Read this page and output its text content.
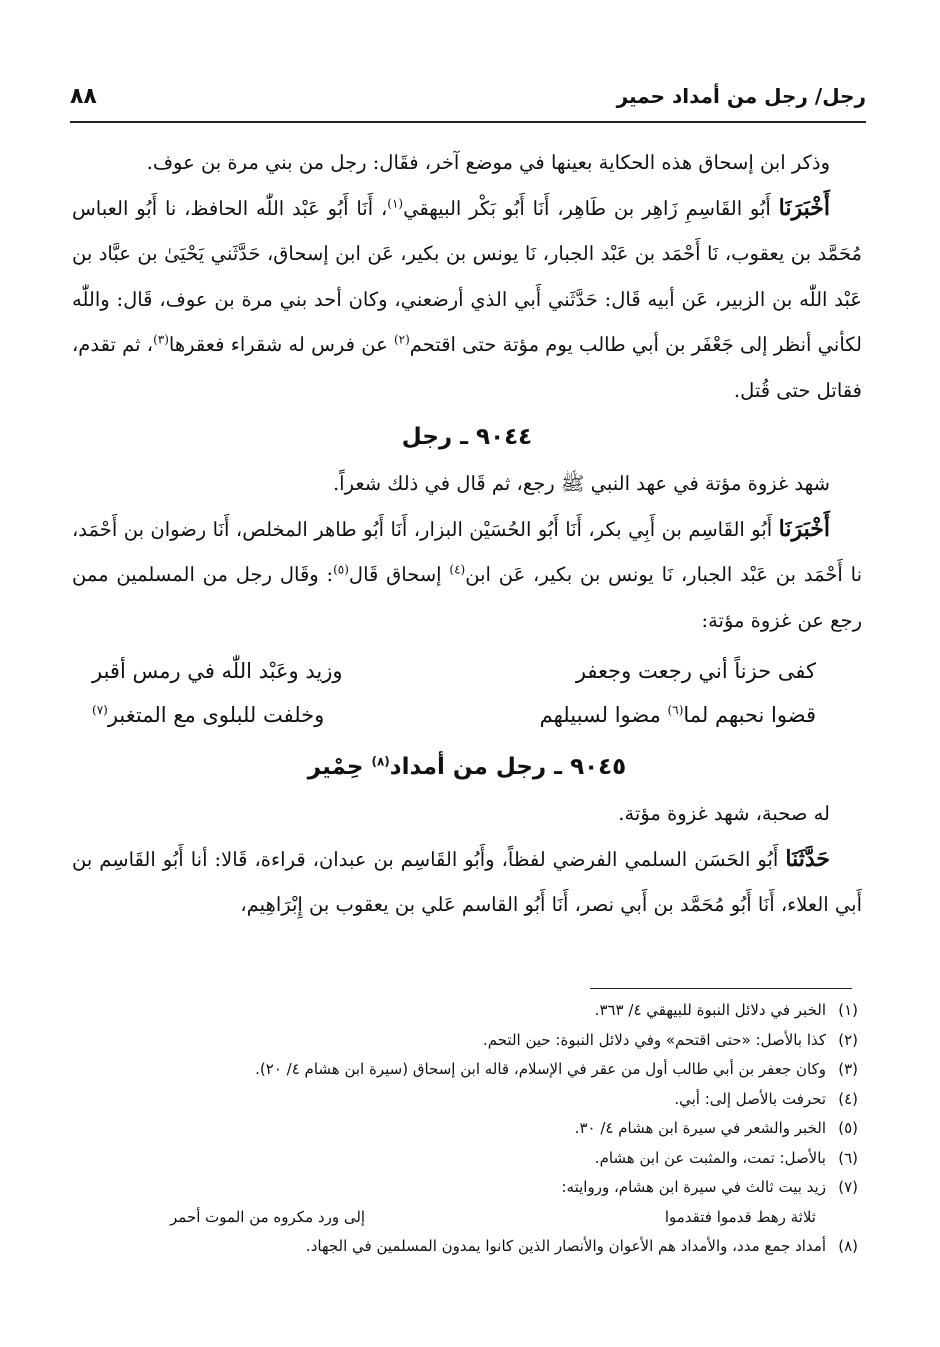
رجل/ رجل من أمداد حمير
٨٨

وذكر ابن إسحاق هذه الحكاية بعينها في موضع آخر، فقَال: رجل من بني مرة بن عوف.

أَخْبَرَنَا أَبُو القَاسِمِ زَاهِر بن طَاهِر، أَنَا أَبُو بَكْر البيهقي$^{(١)}$، أَنَا أَبُو عَبْد اللّٰه الحافظ، نا أَبُو العباس مُحَمَّد بن يعقوب، نَا أَحْمَد بن عَبْد الجبار، نَا يونس بن بكير، عَن ابن إسحاق، حَدَّثَني يَحْيَىٰ بن عبَّاد بن عَبْد اللّٰه بن الزبير، عَن أبيه قَال: حَدَّثَني أَبي الذي أرضعني، وكان أحد بني مرة بن عوف، قَال: واللّٰه لكأني أنظر إلى جَعْفَر بن أبي طالب يوم مؤتة حتى اقتحم$^{(٢)}$ عن فرس له شقراء فعقرها$^{(٣)}$، ثم تقدم، فقاتل حتى قُتل.

٩٠٤٤ ـ رجل

شهد غزوة مؤتة في عهد النبي ﷺ رجع، ثم قَال في ذلك شعراً.

أَخْبَرَنَا أَبُو القَاسِم بن أَبِي بكر، أَنَا أَبُو الحُسَيْن البزار، أَنَا أَبُو طاهر المخلص، أَنَا رضوان بن أَحْمَد، نا أَحْمَد بن عَبْد الجبار، نَا يونس بن بكير، عَن ابن$^{(٤)}$ إسحاق قَال$^{(٥)}$: وقَال رجل من المسلمين ممن رجع عن غزوة مؤتة:

كفى حزناً أني رجعت وجعفر
وزيد وعَبْد اللّٰه في رمس أقبر
قضوا نحبهم لما$^{(٦)}$ مضوا لسبيلهم
وخلفت للبلوى مع المتغبر$^{(٧)}$

٩٠٤٥ ـ رجل من أمداد$^{(٨)}$ حِمْير

له صحبة، شهد غزوة مؤتة.

حَدَّثَنَا أَبُو الحَسَن السلمي الفرضي لفظاً، وأَبُو القَاسِم بن عبدان، قراءة، قَالا: أنا أَبُو القَاسِم بن أَبي العلاء، أَنَا أَبُو مُحَمَّد بن أَبي نصر، أَنَا أَبُو القاسم عَلي بن يعقوب بن إِبْرَاهِيم،

(١)الخبر في دلائل النبوة للبيهقي ٤/ ٣٦٣.

(٢)كذا بالأصل: «حتى اقتحم» وفي دلائل النبوة: حين التحم.

(٣)وكان جعفر بن أبي طالب أول من عقر في الإسلام، قاله ابن إسحاق (سيرة ابن هشام ٤/ ٢٠).

(٤)تحرفت بالأصل إلى: أبي.

(٥)الخبر والشعر في سيرة ابن هشام ٤/ ٣٠.

(٦)بالأصل: تمت، والمثبت عن ابن هشام.

(٧)زيد بيت ثالث في سيرة ابن هشام، وروايته:

ثلاثة رهط قدموا فتقدموا
إلى ورد مكروه من الموت أحمر

(٨)أمداد جمع مدد، والأمداد هم الأعوان والأنصار الذين كانوا يمدون المسلمين في الجهاد.
